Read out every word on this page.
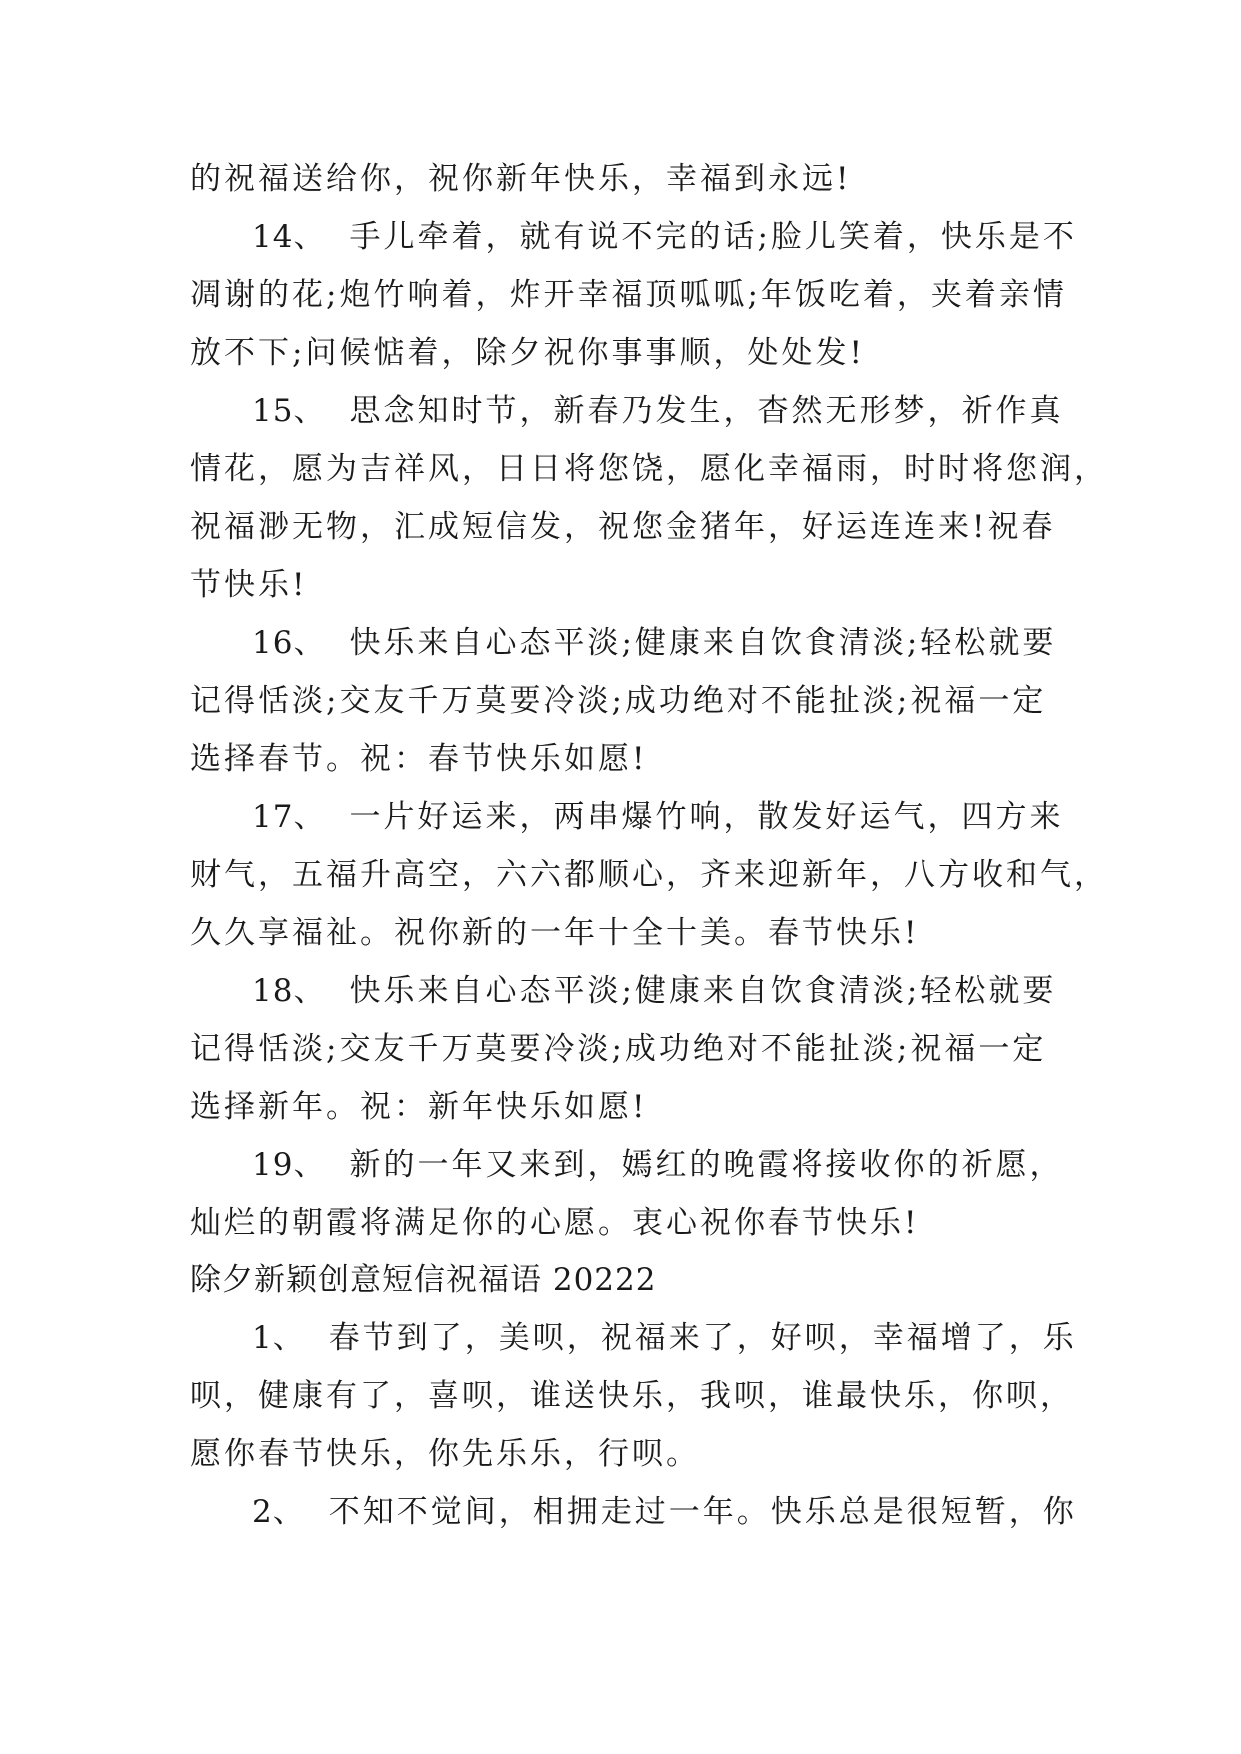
的祝福送给你，祝你新年快乐，幸福到永远!
14、 手儿牵着，就有说不完的话;脸儿笑着，快乐是不
凋谢的花;炮竹响着，炸开幸福顶呱呱;年饭吃着，夹着亲情
放不下;问候惦着，除夕祝你事事顺，处处发!
15、 思念知时节，新春乃发生，杳然无形梦，祈作真
情花，愿为吉祥风，日日将您饶，愿化幸福雨，时时将您润，
祝福渺无物，汇成短信发，祝您金猪年，好运连连来!祝春
节快乐!
16、 快乐来自心态平淡;健康来自饮食清淡;轻松就要
记得恬淡;交友千万莫要冷淡;成功绝对不能扯淡;祝福一定
选择春节。祝：春节快乐如愿!
17、 一片好运来，两串爆竹响，散发好运气，四方来
财气，五福升高空，六六都顺心，齐来迎新年，八方收和气，
久久享福祉。祝你新的一年十全十美。春节快乐!
18、 快乐来自心态平淡;健康来自饮食清淡;轻松就要
记得恬淡;交友千万莫要冷淡;成功绝对不能扯淡;祝福一定
选择新年。祝：新年快乐如愿!
19、 新的一年又来到，嫣红的晚霞将接收你的祈愿，
灿烂的朝霞将满足你的心愿。衷心祝你春节快乐!
除夕新颖创意短信祝福语 20222
1、 春节到了，美呗，祝福来了，好呗，幸福增了，乐
呗，健康有了，喜呗，谁送快乐，我呗，谁最快乐，你呗，
愿你春节快乐，你先乐乐，行呗。
2、 不知不觉间，相拥走过一年。快乐总是很短暂，你
